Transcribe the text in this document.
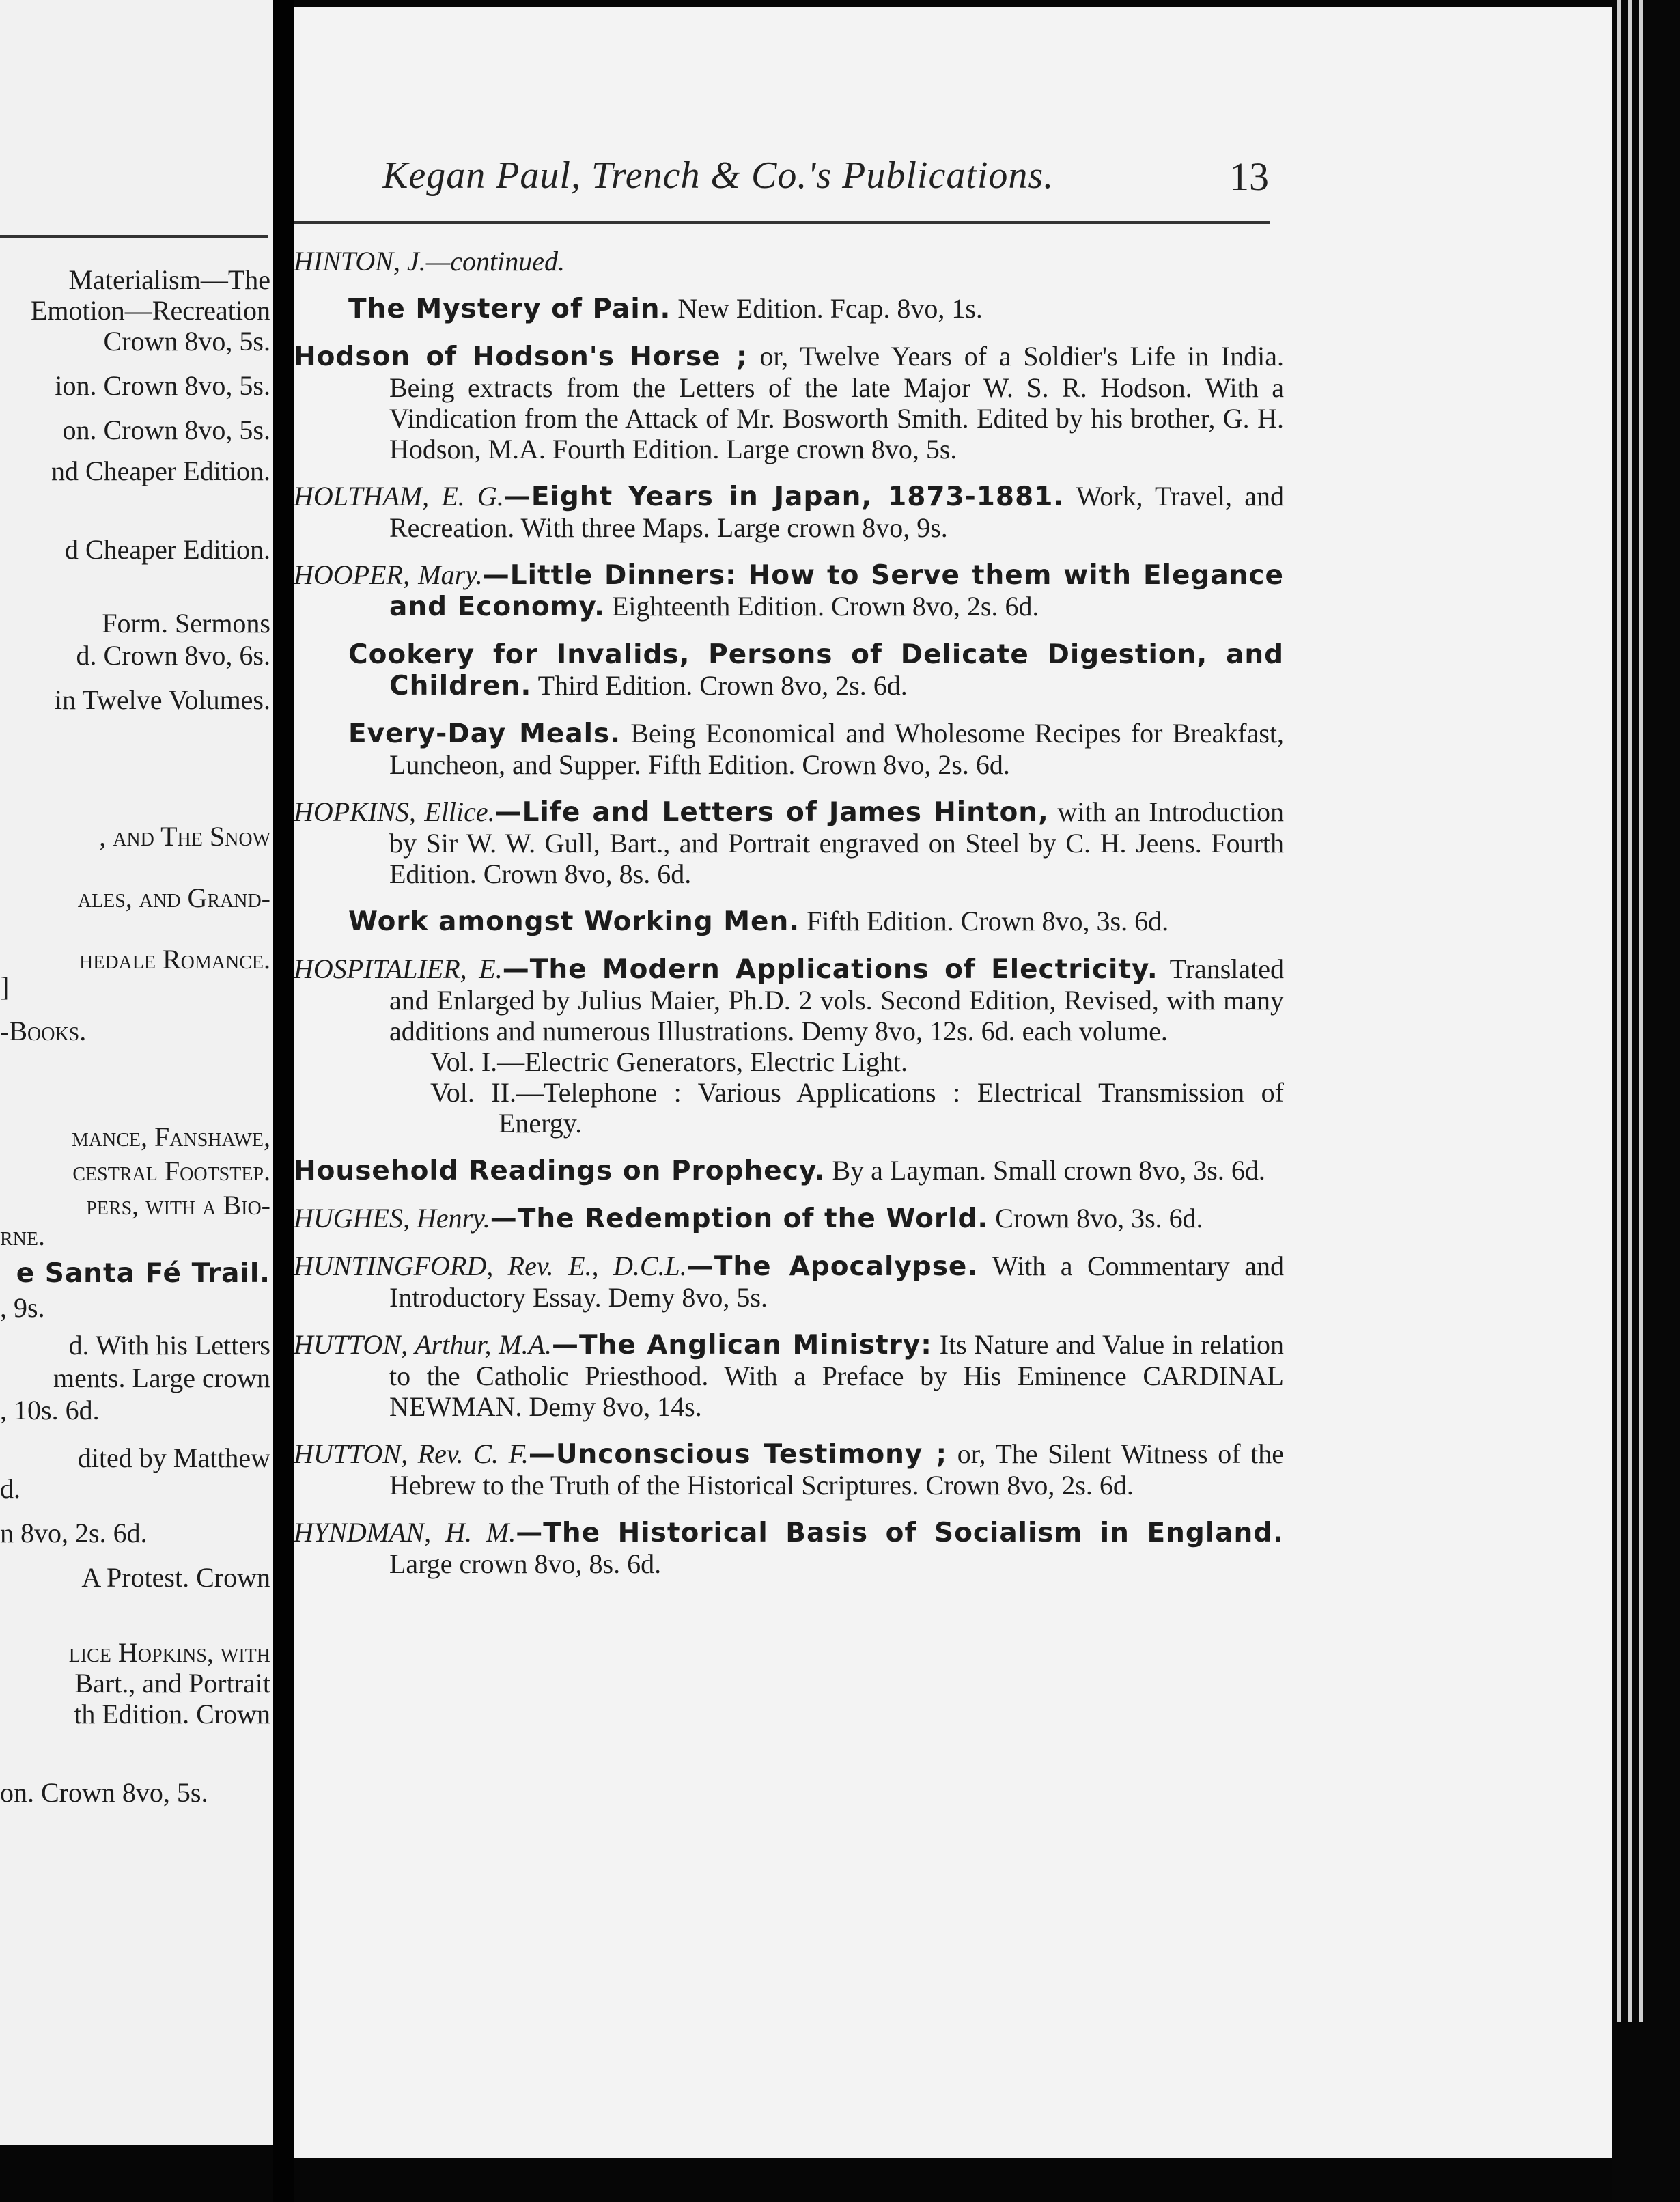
Materialism—The
Emotion—Recreation
Crown 8vo, 5s.
ion. Crown 8vo, 5s.
on. Crown 8vo, 5s.
nd Cheaper Edition.
d Cheaper Edition.
Form. Sermons
d. Crown 8vo, 6s.
in Twelve Volumes.
, and The Snow
ales, and Grand-
hedale Romance.
]
-Books.
mance, Fanshawe,
cestral Footstep.
pers, with a Bio-
rne.
e Santa Fé Trail.
, 9s.
d. With his Letters
ments. Large crown
, 10s. 6d.
dited by Matthew
d.
n 8vo, 2s. 6d.
A Protest. Crown
lice Hopkins, with
Bart., and Portrait
th Edition. Crown
on. Crown 8vo, 5s.
Kegan Paul, Trench & Co.'s Publications.	13
HINTON, J.—continued.
The Mystery of Pain. New Edition. Fcap. 8vo, 1s.
Hodson of Hodson's Horse ; or, Twelve Years of a Soldier's Life in India. Being extracts from the Letters of the late Major W. S. R. Hodson. With a Vindication from the Attack of Mr. Bosworth Smith. Edited by his brother, G. H. Hodson, M.A. Fourth Edition. Large crown 8vo, 5s.
HOLTHAM, E. G.—Eight Years in Japan, 1873-1881. Work, Travel, and Recreation. With three Maps. Large crown 8vo, 9s.
HOOPER, Mary.—Little Dinners: How to Serve them with Elegance and Economy. Eighteenth Edition. Crown 8vo, 2s. 6d.
Cookery for Invalids, Persons of Delicate Digestion, and Children. Third Edition. Crown 8vo, 2s. 6d.
Every-Day Meals. Being Economical and Wholesome Recipes for Breakfast, Luncheon, and Supper. Fifth Edition. Crown 8vo, 2s. 6d.
HOPKINS, Ellice.—Life and Letters of James Hinton, with an Introduction by Sir W. W. Gull, Bart., and Portrait engraved on Steel by C. H. Jeens. Fourth Edition. Crown 8vo, 8s. 6d.
Work amongst Working Men. Fifth Edition. Crown 8vo, 3s. 6d.
HOSPITALIER, E.—The Modern Applications of Electricity. Translated and Enlarged by Julius Maier, Ph.D. 2 vols. Second Edition, Revised, with many additions and numerous Illustrations. Demy 8vo, 12s. 6d. each volume.
Vol. I.—Electric Generators, Electric Light.
Vol. II.—Telephone : Various Applications : Electrical Transmission of Energy.
Household Readings on Prophecy. By a Layman. Small crown 8vo, 3s. 6d.
HUGHES, Henry.—The Redemption of the World. Crown 8vo, 3s. 6d.
HUNTINGFORD, Rev. E., D.C.L.—The Apocalypse. With a Commentary and Introductory Essay. Demy 8vo, 5s.
HUTTON, Arthur, M.A.—The Anglican Ministry: Its Nature and Value in relation to the Catholic Priesthood. With a Preface by His Eminence CARDINAL NEWMAN. Demy 8vo, 14s.
HUTTON, Rev. C. F.—Unconscious Testimony ; or, The Silent Witness of the Hebrew to the Truth of the Historical Scriptures. Crown 8vo, 2s. 6d.
HYNDMAN, H. M.—The Historical Basis of Socialism in England. Large crown 8vo, 8s. 6d.
